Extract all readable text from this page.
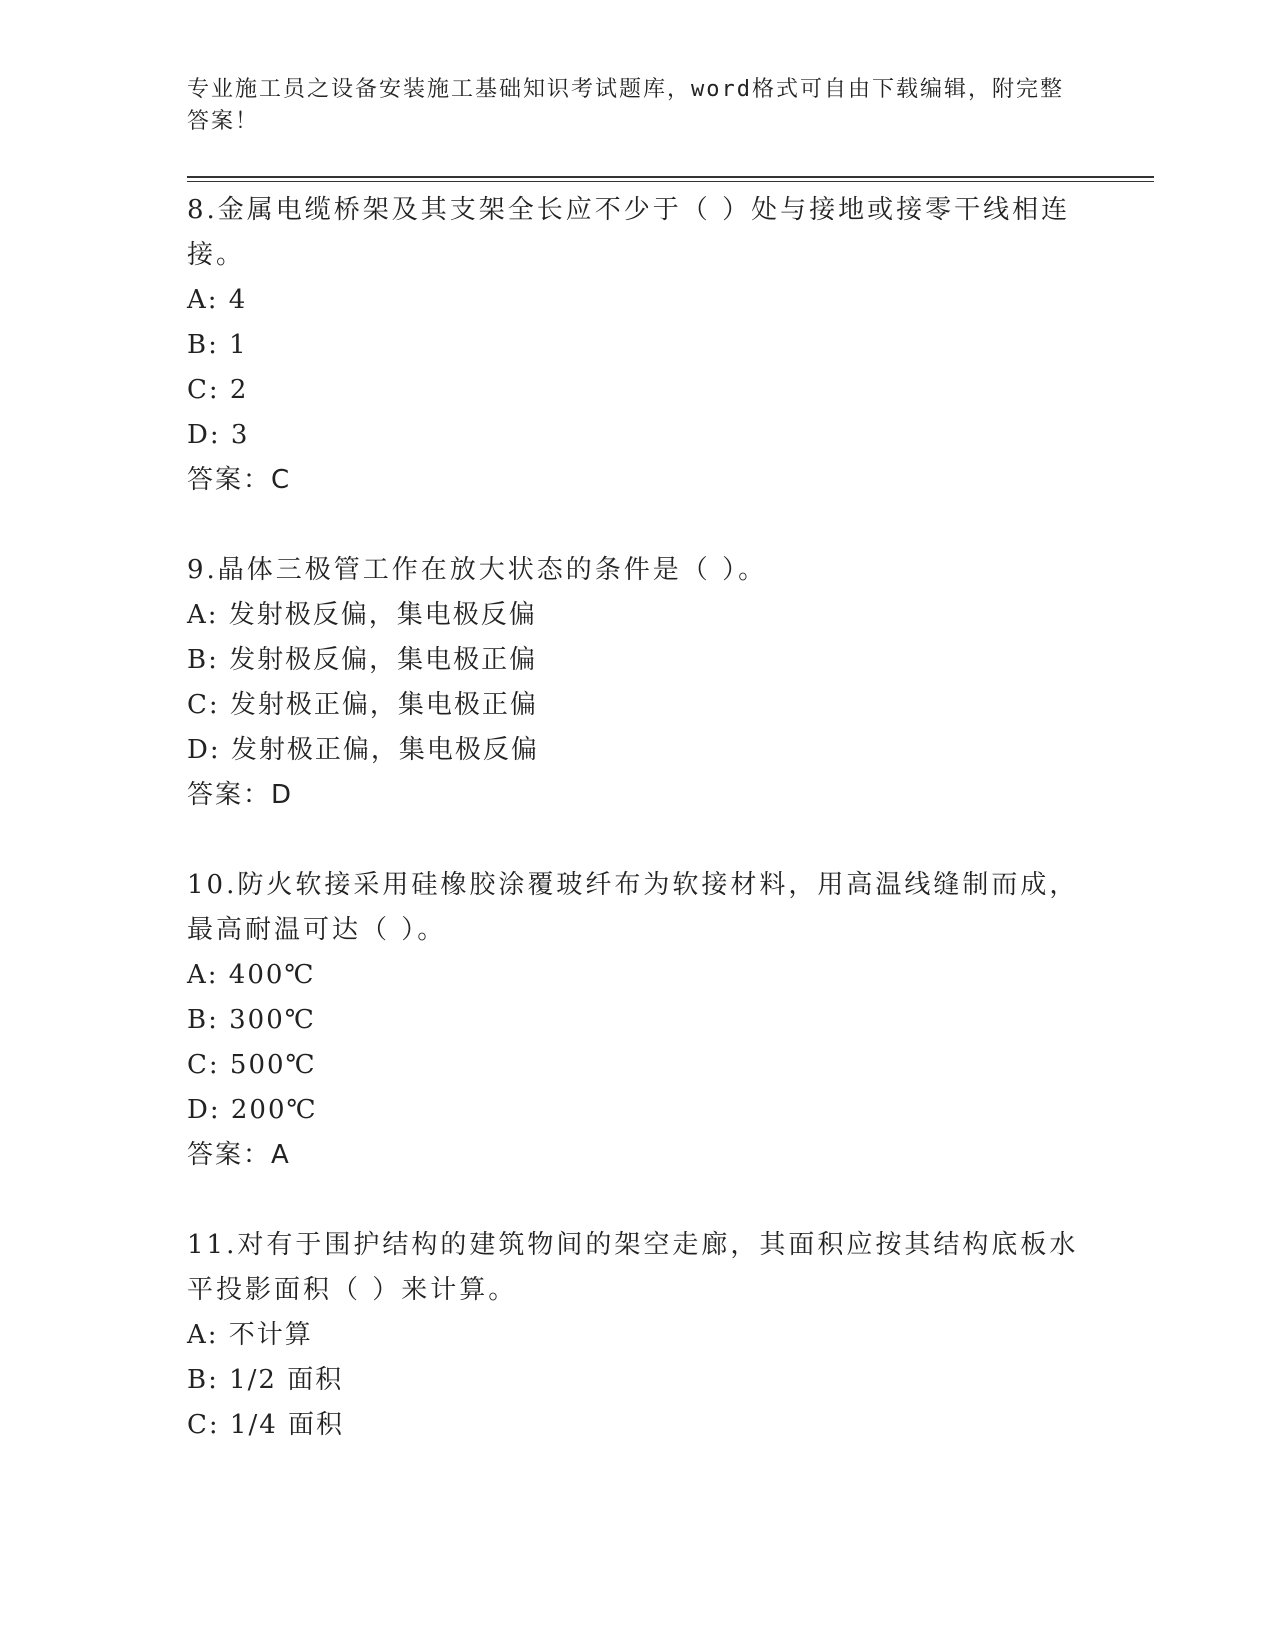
专业施工员之设备安装施工基础知识考试题库，word格式可自由下载编辑，附完整答案！

8.金属电缆桥架及其支架全长应不少于（ ）处与接地或接零干线相连接。

A: 4

B: 1

C: 2

D: 3

答案：C

9.晶体三极管工作在放大状态的条件是（ ）。

A: 发射极反偏，集电极反偏

B: 发射极反偏，集电极正偏

C: 发射极正偏，集电极正偏

D: 发射极正偏，集电极反偏

答案：D

10.防火软接采用硅橡胶涂覆玻纤布为软接材料，用高温线缝制而成，最高耐温可达（ ）。

A: 400℃

B: 300℃

C: 500℃

D: 200℃

答案：A

11.对有于围护结构的建筑物间的架空走廊，其面积应按其结构底板水平投影面积（ ）来计算。

A: 不计算

B: 1/2 面积

C: 1/4 面积
